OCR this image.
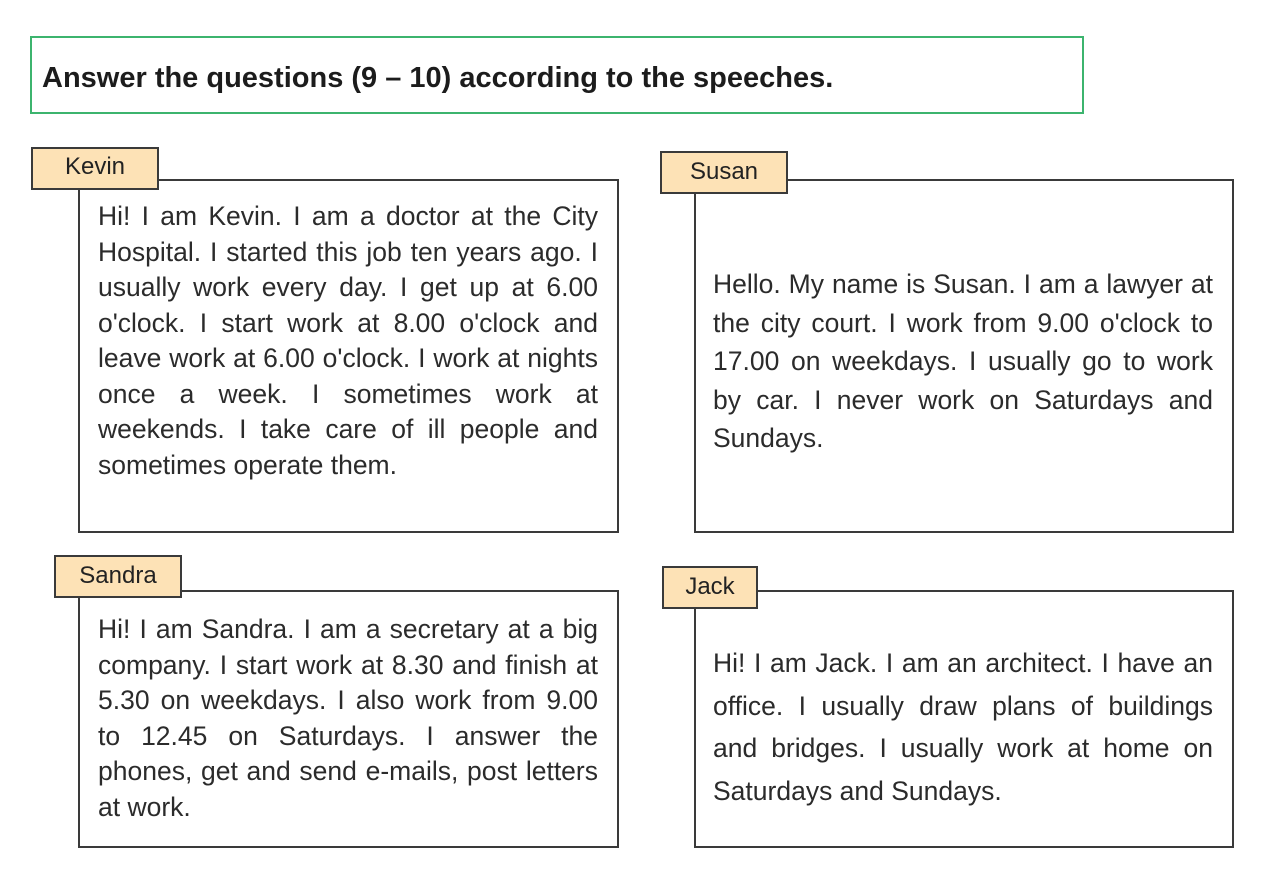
Answer the questions (9 – 10) according to the speeches.
Hi! I am Kevin. I am a doctor at the City Hospital. I started this job ten years ago. I usually work every day. I get up at 6.00 o'clock. I start work at 8.00 o'clock and leave work at 6.00 o'clock. I work at nights once a week. I sometimes work at weekends. I take care of ill people and sometimes operate them.
Kevin
Hello. My name is Susan. I am a lawyer at the city court. I work from 9.00 o'clock to 17.00 on weekdays. I usually go to work by car. I never work on Saturdays and Sundays.
Susan
Hi! I am Sandra. I am a secretary at a big company. I start work at 8.30 and finish at 5.30 on weekdays. I also work from 9.00 to 12.45 on Saturdays. I answer the phones, get and send e-mails, post letters at work.
Sandra
Hi! I am Jack. I am an architect. I have an office. I usually draw plans of buildings and bridges. I usually work at home on Saturdays and Sundays.
Jack
